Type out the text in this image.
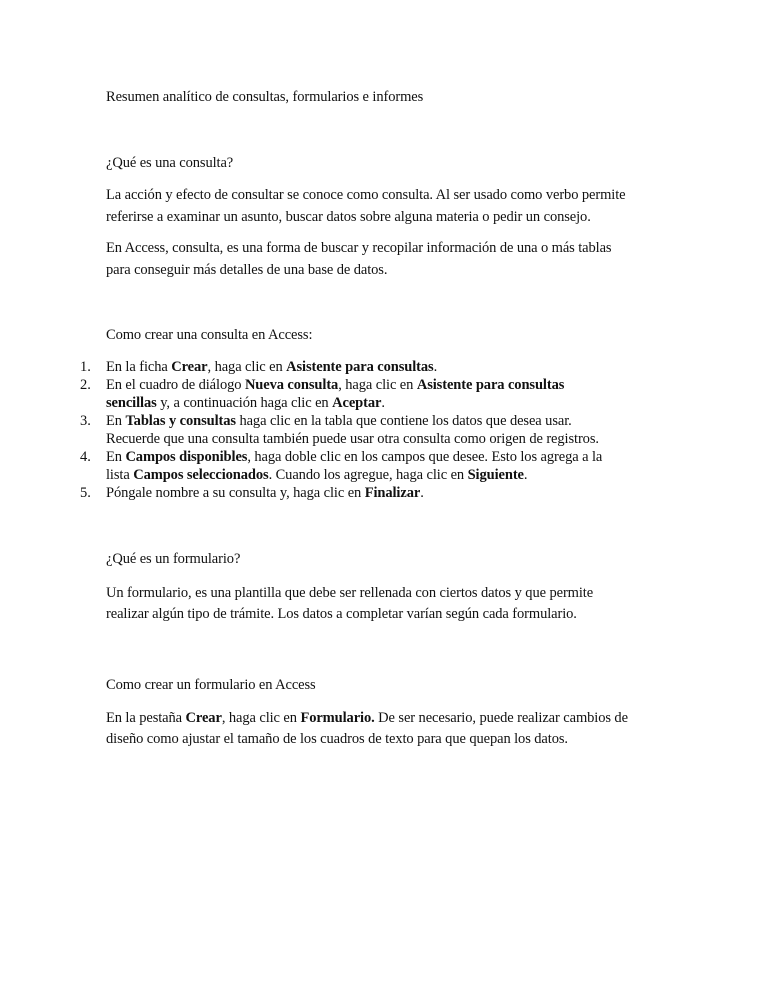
Resumen analítico de consultas, formularios e informes
¿Qué es una consulta?
La acción y efecto de consultar se conoce como consulta. Al ser usado como verbo permite
referirse a examinar un asunto, buscar datos sobre alguna materia o pedir un consejo.
En Access, consulta, es una forma de buscar y recopilar información de una o más tablas
para conseguir más detalles de una base de datos.
Como crear una consulta en Access:
1. En la ficha Crear, haga clic en Asistente para consultas.
2. En el cuadro de diálogo Nueva consulta, haga clic en Asistente para consultas
sencillas y, a continuación haga clic en Aceptar.
3. En Tablas y consultas haga clic en la tabla que contiene los datos que desea usar.
Recuerde que una consulta también puede usar otra consulta como origen de registros.
4. En Campos disponibles, haga doble clic en los campos que desee. Esto los agrega a la
lista Campos seleccionados. Cuando los agregue, haga clic en Siguiente.
5. Póngale nombre a su consulta y, haga clic en Finalizar.
¿Qué es un formulario?
Un formulario, es una plantilla que debe ser rellenada con ciertos datos y que permite
realizar algún tipo de trámite. Los datos a completar varían según cada formulario.
Como crear un formulario en Access
En la pestaña Crear, haga clic en Formulario. De ser necesario, puede realizar cambios de
diseño como ajustar el tamaño de los cuadros de texto para que quepan los datos.
